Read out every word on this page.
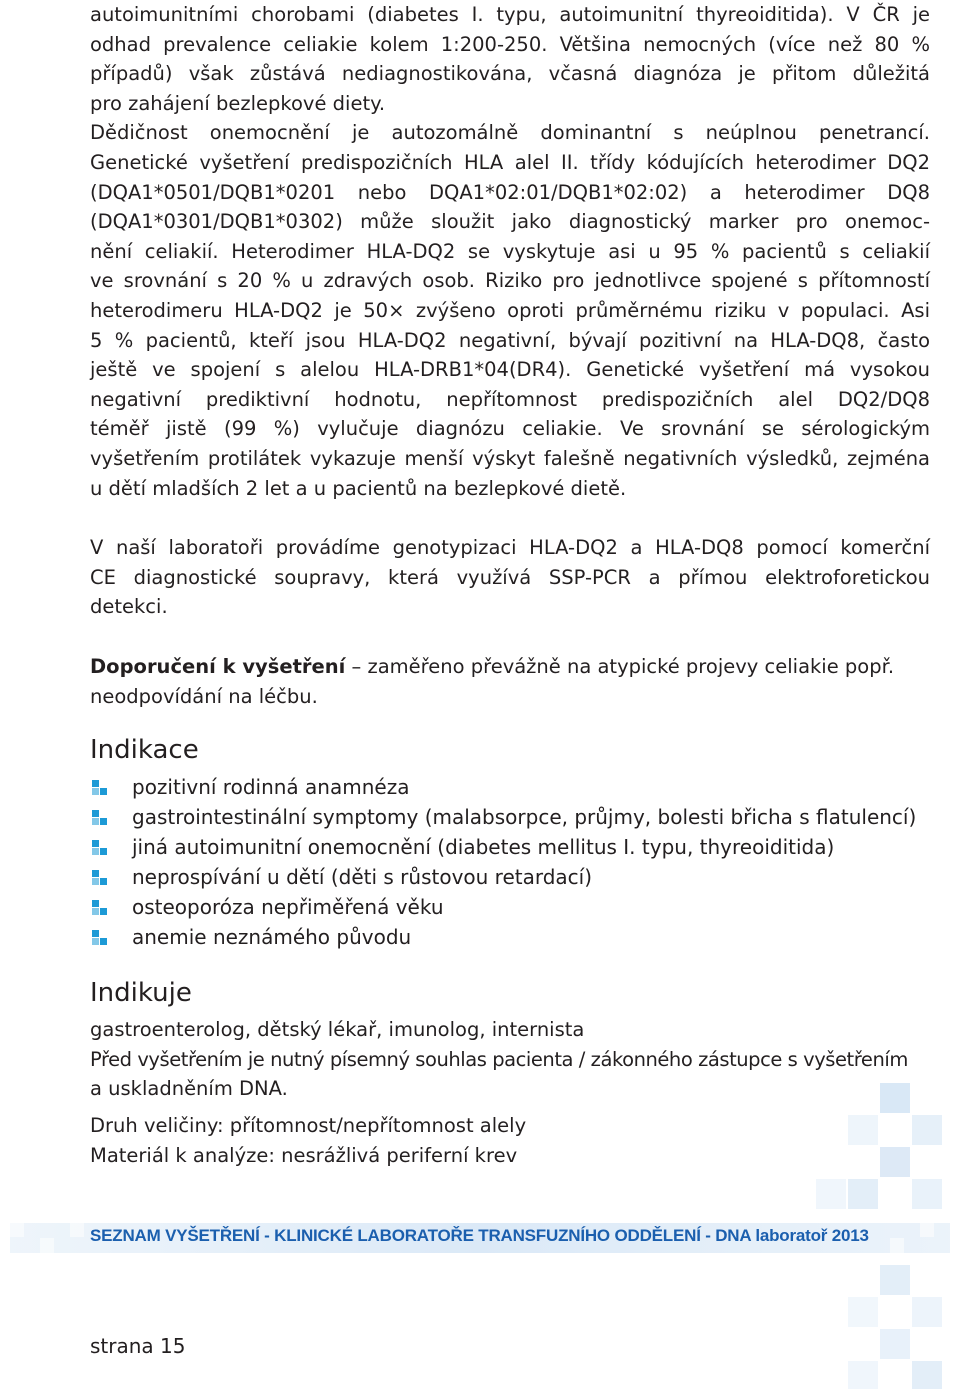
autoimunitními chorobami (diabetes I. typu, autoimunitní thyreoiditida). V ČR je

odhad prevalence celiakie kolem 1:200-250. Většina nemocných (více než 80 %

případů) však zůstává nediagnostikována, včasná diagnóza je přitom důležitá

pro zahájení bezlepkové diety.

Dědičnost onemocnění je autozomálně dominantní s neúplnou penetrancí.

Genetické vyšetření predispozičních HLA alel II. třídy kódujících heterodimer DQ2

(DQA1*0501/DQB1*0201 nebo DQA1*02:01/DQB1*02:02) a heterodimer DQ8

(DQA1*0301/DQB1*0302) může sloužit jako diagnostický marker pro onemoc-

nění celiakií. Heterodimer HLA-DQ2 se vyskytuje asi u 95 % pacientů s celiakií

ve srovnání s 20 % u zdravých osob. Riziko pro jednotlivce spojené s přítomností

heterodimeru HLA-DQ2 je 50× zvýšeno oproti průměrnému riziku v populaci. Asi

5 % pacientů, kteří jsou HLA-DQ2 negativní, bývají pozitivní na HLA-DQ8, často

ještě ve spojení s alelou HLA-DRB1*04(DR4). Genetické vyšetření má vysokou

negativní prediktivní hodnotu, nepřítomnost predispozičních alel DQ2/DQ8

téměř jistě (99 %) vylučuje diagnózu celiakie. Ve srovnání se sérologickým

vyšetřením protilátek vykazuje menší výskyt falešně negativních výsledků, zejména

u dětí mladších 2 let a u pacientů na bezlepkové dietě.

V naší laboratoři provádíme genotypizaci HLA-DQ2 a HLA-DQ8 pomocí komerční

CE diagnostické soupravy, která využívá SSP-PCR a přímou elektroforetickou

detekci.

Doporučení k vyšetření – zaměřeno převážně na atypické projevy celiakie popř.

neodpovídání na léčbu.

Indikace
pozitivní rodinná anamnéza
gastrointestinální symptomy (malabsorpce, průjmy, bolesti břicha s flatulencí)
jiná autoimunitní onemocnění (diabetes mellitus I. typu, thyreoiditida)
neprospívání u dětí (děti s růstovou retardací)
osteoporóza nepřiměřená věku
anemie neznámého původu
Indikuje

gastroenterolog, dětský lékař, imunolog, internista

Před vyšetřením je nutný písemný souhlas pacienta / zákonného zástupce s vyšetřením

a uskladněním DNA.

Druh veličiny: přítomnost/nepřítomnost alely

Materiál k analýze: nesrážlivá periferní krev

SEZNAM VYŠETŘENÍ - KLINICKÉ LABORATOŘE TRANSFUZNÍHO ODDĚLENÍ - DNA laboratoř 2013
strana 15
